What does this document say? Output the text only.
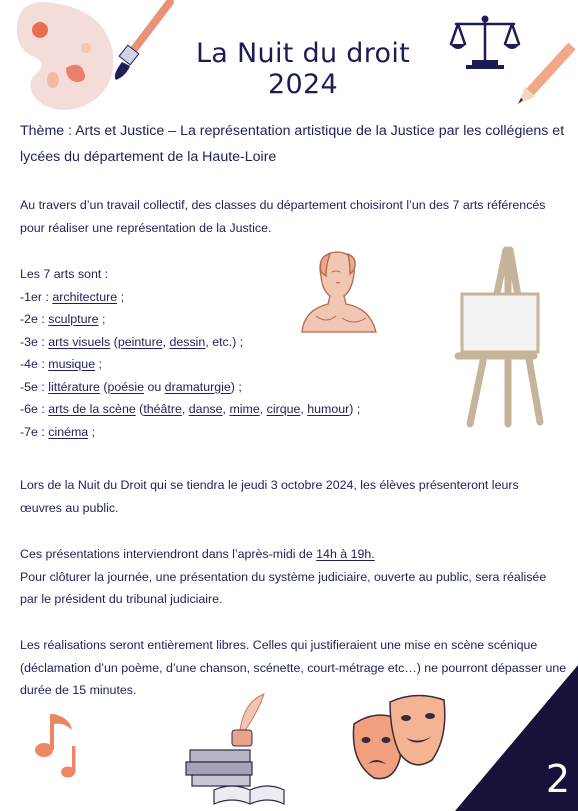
La Nuit du droit 2024
Thème : Arts et Justice – La représentation artistique de la Justice par les collégiens et lycées du département de la Haute-Loire
Au travers d’un travail collectif, des classes du département choisiront l’un des 7 arts référencés pour réaliser une représentation de la Justice.
Les 7 arts sont :
-1er : architecture ;
-2e : sculpture ;
-3e : arts visuels (peinture, dessin, etc.) ;
-4e : musique ;
-5e : littérature (poésie ou dramaturgie) ;
-6e : arts de la scène (théâtre, danse, mime, cirque, humour) ;
-7e : cinéma ;
Lors de la Nuit du Droit qui se tiendra le jeudi 3 octobre 2024, les élèves présenteront leurs œuvres au public.
Ces présentations interviendront dans l’après-midi de 14h à 19h.
Pour clôturer la journée, une présentation du système judiciaire, ouverte au public, sera réalisée par le président du tribunal judiciaire.
Les réalisations seront entièrement libres. Celles qui justifieraient une mise en scène scénique (déclamation d’un poème, d’une chanson, scénette, court-métrage etc…) ne pourront dépasser une durée de 15 minutes.
2
